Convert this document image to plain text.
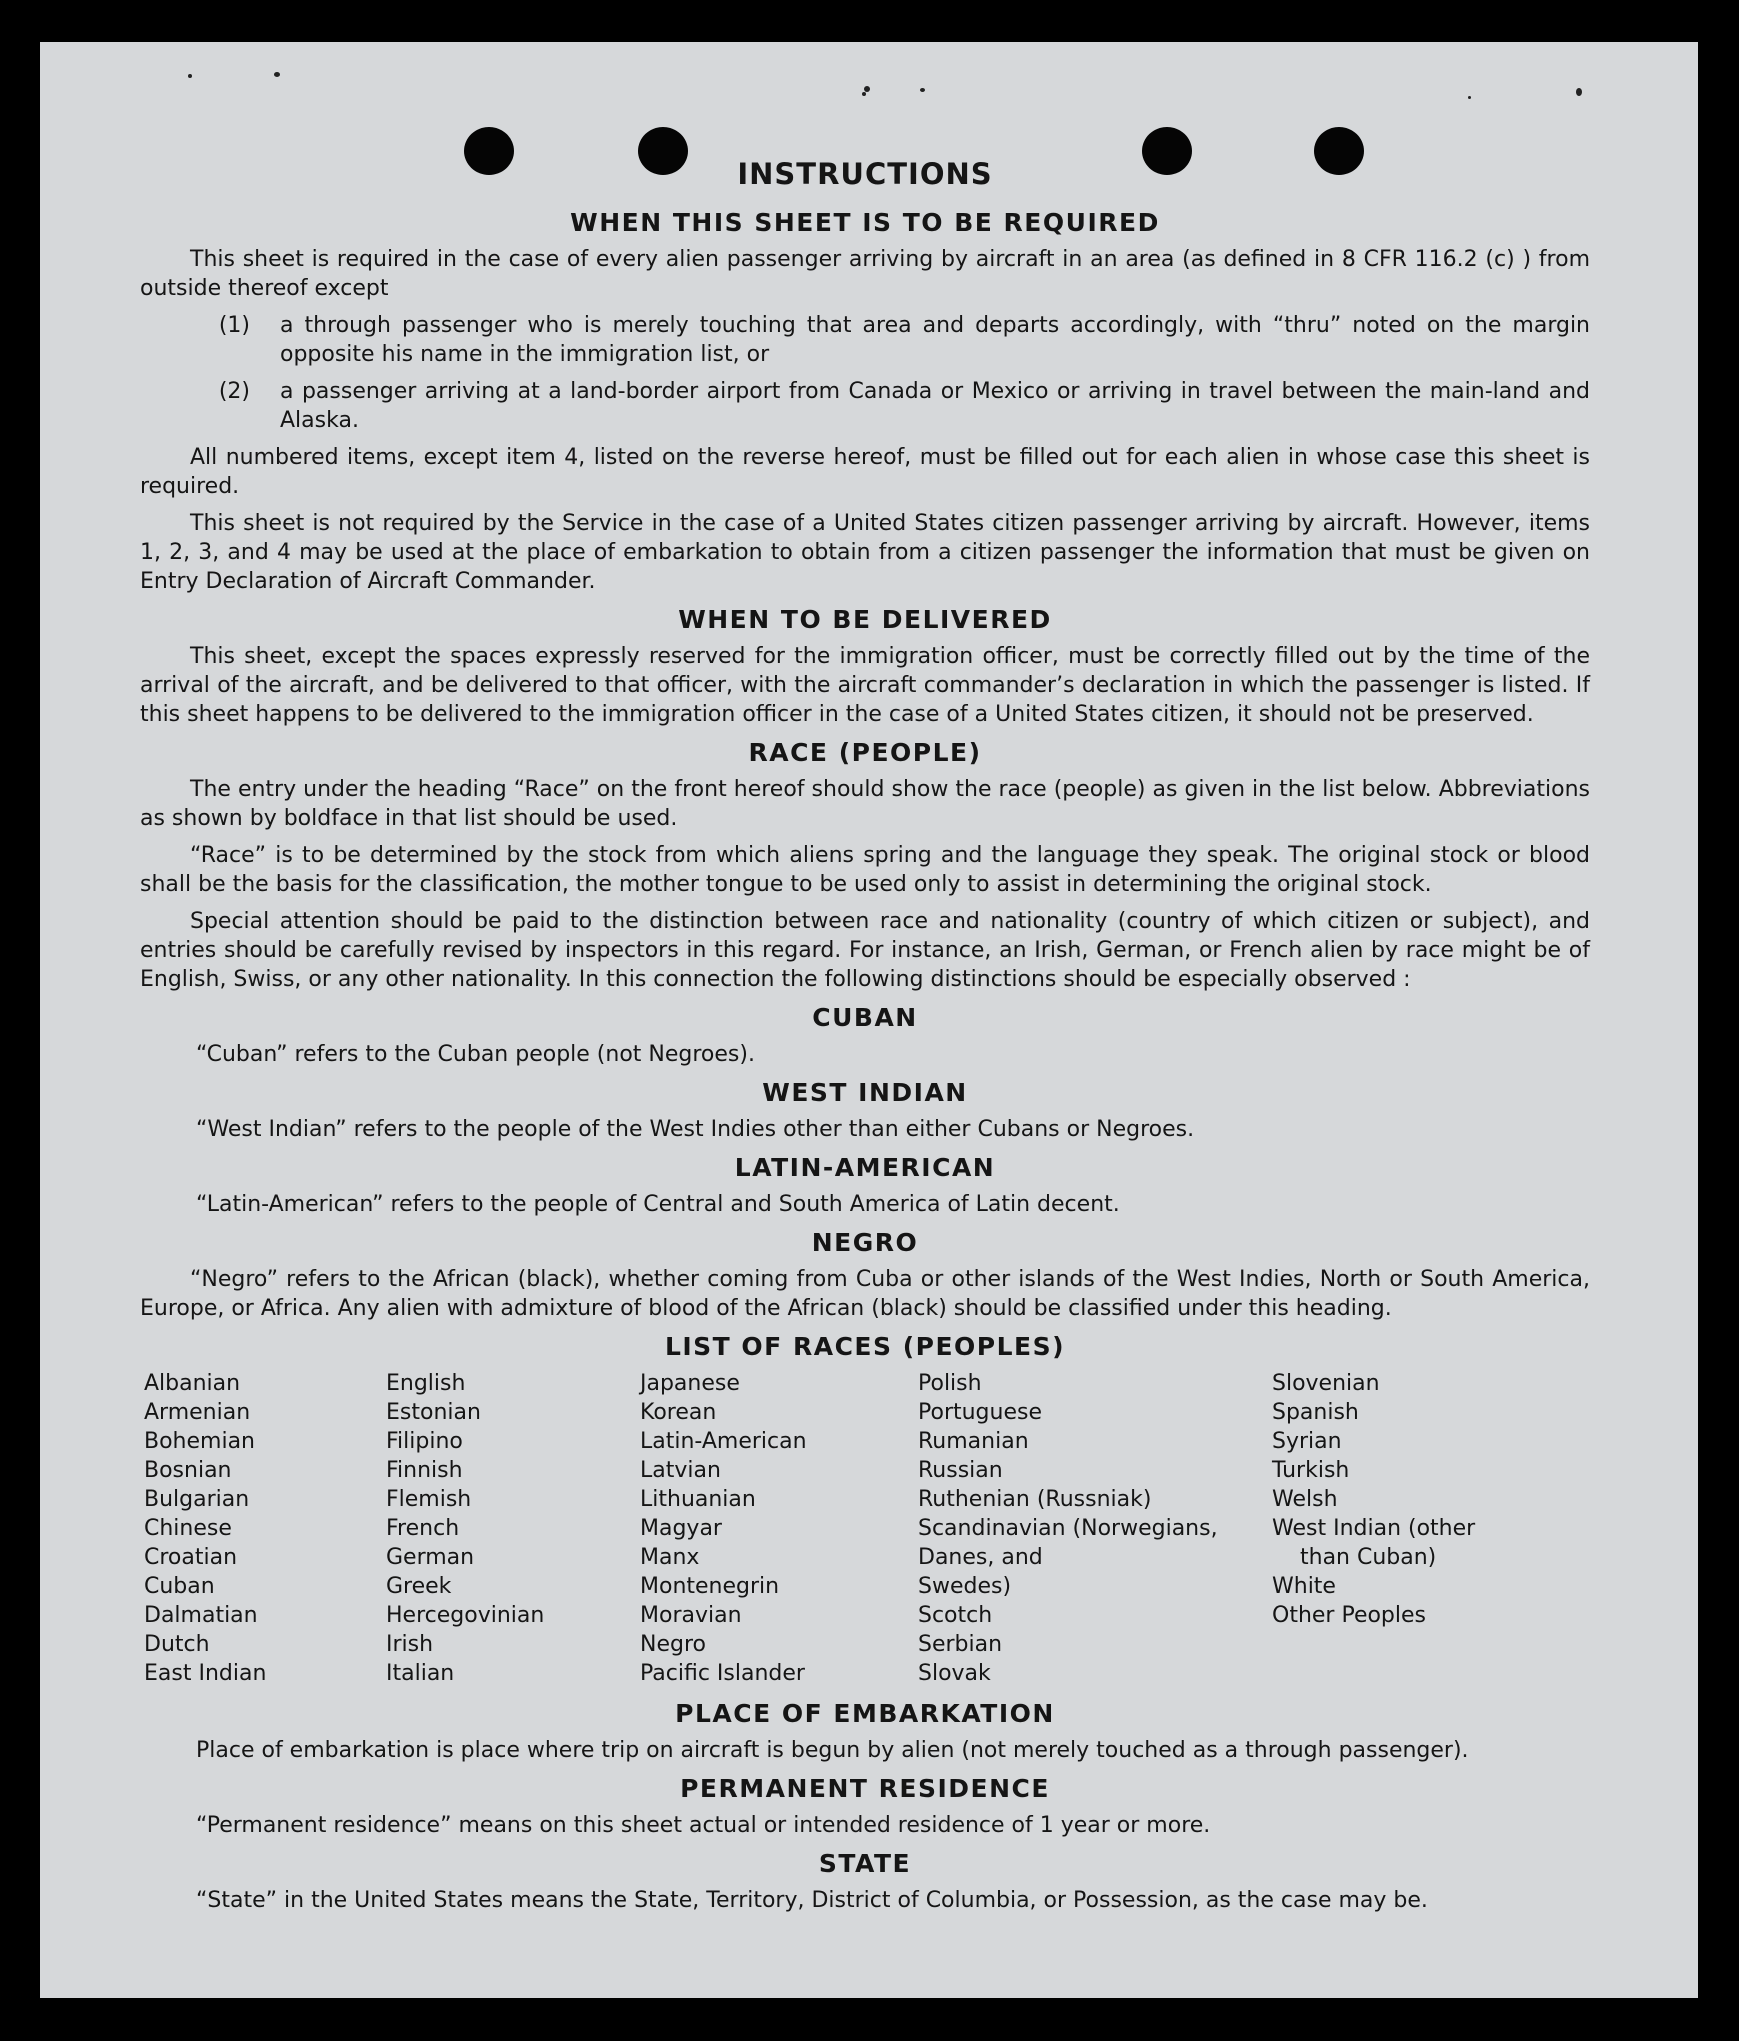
INSTRUCTIONS
WHEN THIS SHEET IS TO BE REQUIRED

This sheet is required in the case of every alien passenger arriving by aircraft in an area (as defined in 8 CFR 116.2 (c) ) from outside thereof except

(1)	a through passenger who is merely touching that area and departs accordingly, with “thru” noted on the margin opposite his name in the immigration list, or
(2)	a passenger arriving at a land-border airport from Canada or Mexico or arriving in travel between the main-land and Alaska.

All numbered items, except item 4, listed on the reverse hereof, must be filled out for each alien in whose case this sheet is required.

This sheet is not required by the Service in the case of a United States citizen passenger arriving by aircraft. However, items 1, 2, 3, and 4 may be used at the place of embarkation to obtain from a citizen passenger the information that must be given on Entry Declaration of Aircraft Commander.

WHEN TO BE DELIVERED

This sheet, except the spaces expressly reserved for the immigration officer, must be correctly filled out by the time of the arrival of the aircraft, and be delivered to that officer, with the aircraft commander’s declaration in which the passenger is listed. If this sheet happens to be delivered to the immigration officer in the case of a United States citizen, it should not be preserved.

RACE (PEOPLE)

The entry under the heading “Race” on the front hereof should show the race (people) as given in the list below. Abbreviations as shown by boldface in that list should be used.

“Race” is to be determined by the stock from which aliens spring and the language they speak. The original stock or blood shall be the basis for the classification, the mother tongue to be used only to assist in determining the original stock.

Special attention should be paid to the distinction between race and nationality (country of which citizen or subject), and entries should be carefully revised by inspectors in this regard. For instance, an Irish, German, or French alien by race might be of English, Swiss, or any other nationality. In this connection the following distinctions should be especially observed :

CUBAN

“Cuban” refers to the Cuban people (not Negroes).

WEST INDIAN

“West Indian” refers to the people of the West Indies other than either Cubans or Negroes.

LATIN-AMERICAN

“Latin-American” refers to the people of Central and South America of Latin decent.

NEGRO

“Negro” refers to the African (black), whether coming from Cuba or other islands of the West Indies, North or South America, Europe, or Africa. Any alien with admixture of blood of the African (black) should be classified under this heading.

LIST OF RACES (PEOPLES)
Albanian
Armenian
Bohemian
Bosnian
Bulgarian
Chinese
Croatian
Cuban
Dalmatian
Dutch
East Indian
English
Estonian
Filipino
Finnish
Flemish
French
German
Greek
Hercegovinian
Irish
Italian
Japanese
Korean
Latin-American
Latvian
Lithuanian
Magyar
Manx
Montenegrin
Moravian
Negro
Pacific Islander
Polish
Portuguese
Rumanian
Russian
Ruthenian (Russniak)
Scandinavian (Norwegians,
Danes, and
Swedes)
Scotch
Serbian
Slovak
Slovenian
Spanish
Syrian
Turkish
Welsh
West Indian (other
than Cuban)
White
Other Peoples
PLACE OF EMBARKATION

Place of embarkation is place where trip on aircraft is begun by alien (not merely touched as a through passenger).

PERMANENT RESIDENCE

“Permanent residence” means on this sheet actual or intended residence of 1 year or more.

STATE

“State” in the United States means the State, Territory, District of Columbia, or Possession, as the case may be.
